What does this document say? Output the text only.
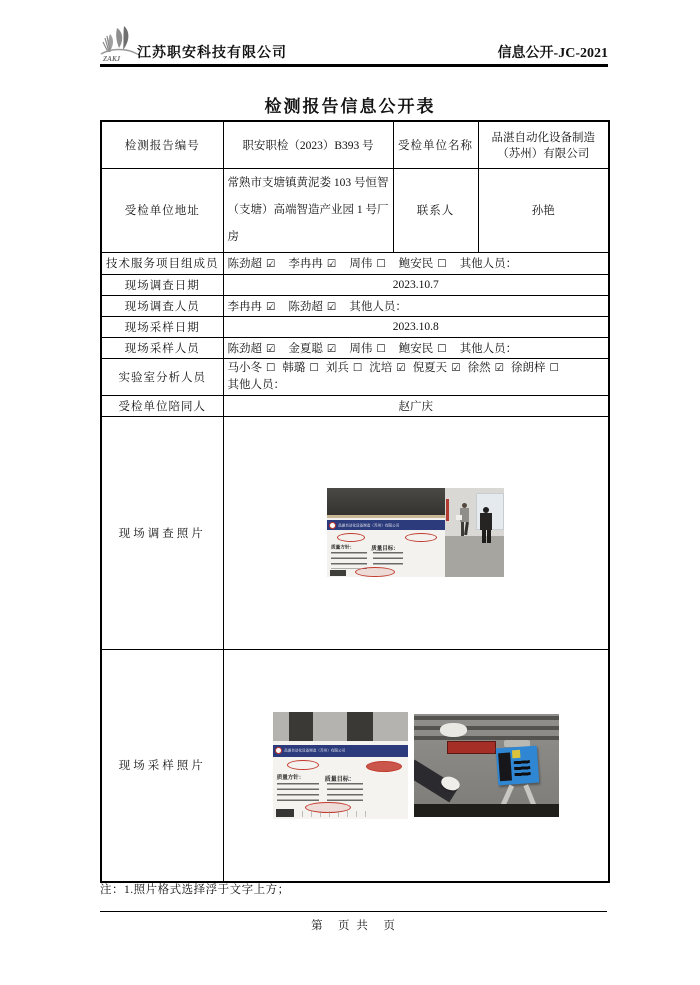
ZAKJ 江苏职安科技有限公司	信息公开-JC-2021
检测报告信息公开表
检测报告编号	职安职检（2023）B393 号	受检单位名称	品湛自动化设备制造（苏州）有限公司
受检单位地址	常熟市支塘镇黄泥娄 103 号恒智（支塘）高端智造产业园 1 号厂房	联系人	孙艳
技术服务项目组成员	陈劲超 ☑ 李冉冉 ☑ 周伟 ☐ 鲍安民 ☐ 其他人员：		
现场调查日期	2023.10.7		
现场调查人员	李冉冉 ☑ 陈劲超 ☑ 其他人员：		
现场采样日期	2023.10.8		
现场采样人员	陈劲超 ☑ 金夏聪 ☑ 周伟 ☐ 鲍安民 ☐ 其他人员：		
实验室分析人员	马小冬 ☐ 韩璐 ☐ 刘兵 ☐ 沈培 ☑ 倪夏天 ☑ 徐然 ☑ 徐朗梓 ☐
其他人员：		

受检单位陪同人	赵广庆		
现场调查照片	品湛自动化设备制造（苏州）有限公司
质量方针： 质量目标：		

现场采样照片	品湛自动化设备制造（苏州）有限公司
质量方针： 质量目标：		
注：1.照片格式选择浮于文字上方；
第　页 共　页
